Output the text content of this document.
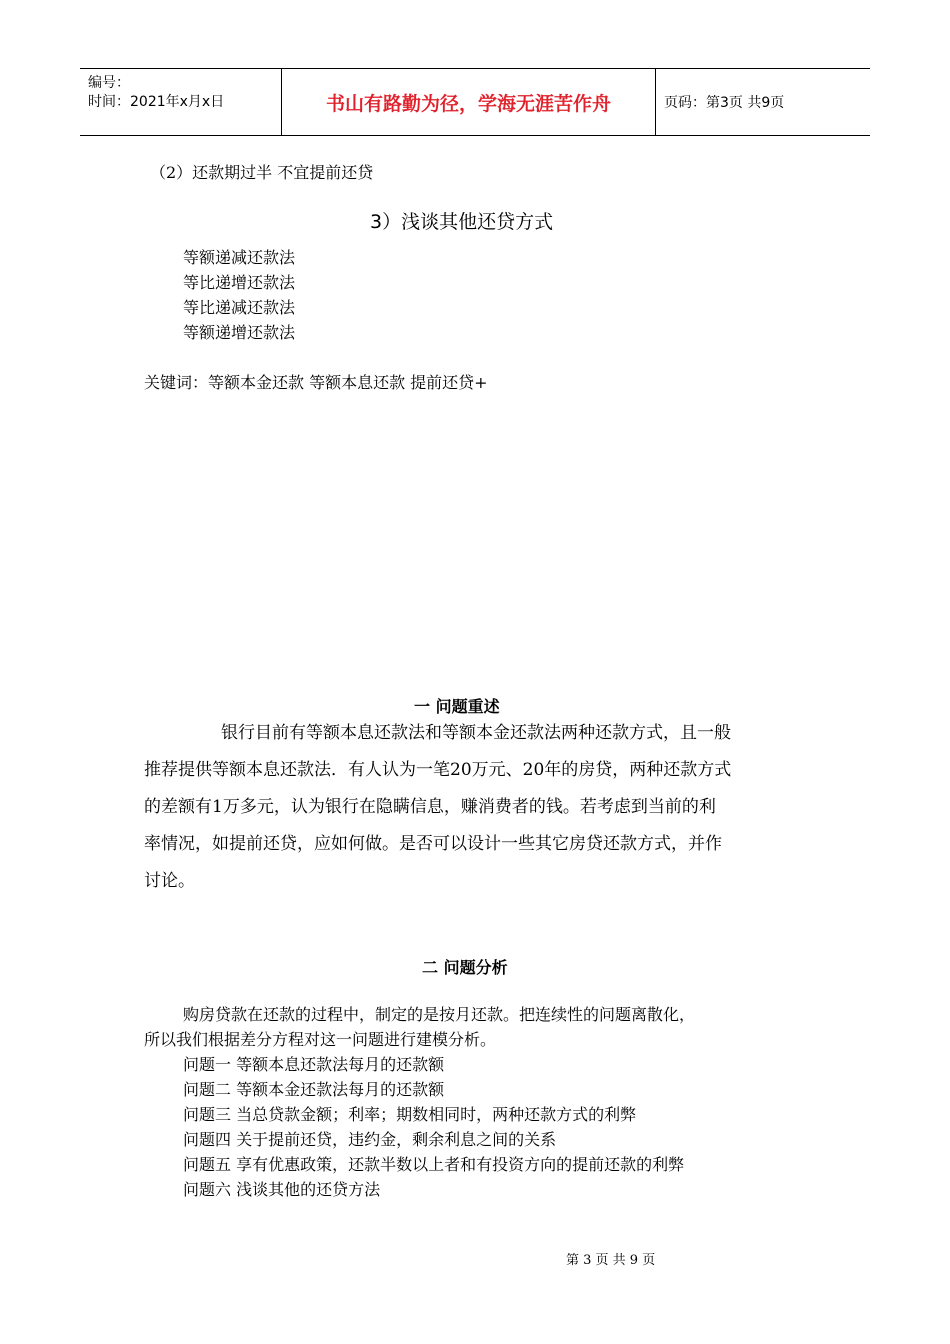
编号：
时间：2021年x月x日	书山有路勤为径，学海无涯苦作舟	页码：第3页 共9页
（2）还款期过半 不宜提前还贷
3）浅谈其他还贷方式
等额递减还款法
等比递增还款法
等比递减还款法
等额递增还款法
关键词：等额本金还款 等额本息还款 提前还贷+
一 问题重述
银行目前有等额本息还款法和等额本金还款法两种还款方式，且一般
推荐提供等额本息还款法．有人认为一笔20万元、20年的房贷，两种还款方式
的差额有1万多元，认为银行在隐瞒信息，赚消费者的钱。若考虑到当前的利
率情况，如提前还贷，应如何做。是否可以设计一些其它房贷还款方式，并作
讨论。
二 问题分析
购房贷款在还款的过程中，制定的是按月还款。把连续性的问题离散化，
所以我们根据差分方程对这一问题进行建模分析。
问题一 等额本息还款法每月的还款额
问题二 等额本金还款法每月的还款额
问题三 当总贷款金额；利率；期数相同时，两种还款方式的利弊
问题四 关于提前还贷，违约金，剩余利息之间的关系
问题五 享有优惠政策，还款半数以上者和有投资方向的提前还款的利弊
问题六 浅谈其他的还贷方法
第 3 页 共 9 页
